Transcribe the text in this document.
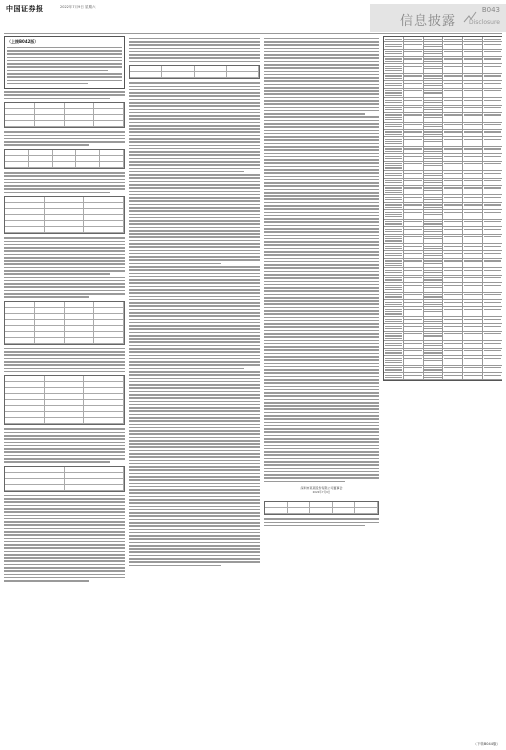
中国证券报	2022年7月9日 星期六
信息披露
B043
Disclosure
（上接B042版）
深圳市某某股份有限公司董事会
2022年7月9日
（下转B044版）
